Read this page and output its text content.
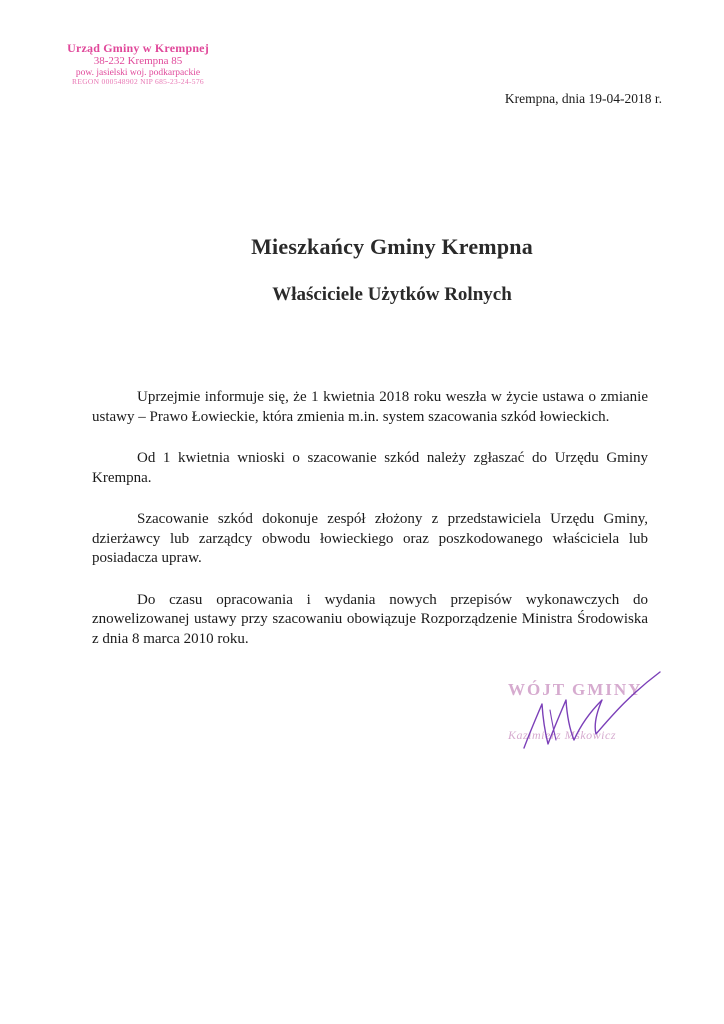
Urząd Gminy w Krempnej
38-232 Krempna 85
pow. jasielski woj. podkarpackie
REGON 000548902 NIP 685-23-24-576
Krempna, dnia 19-04-2018 r.
Mieszkańcy Gminy Krempna
Właściciele Użytków Rolnych

Uprzejmie informuje się, że 1 kwietnia 2018 roku weszła w życie ustawa o zmianie ustawy – Prawo Łowieckie, która zmienia m.in. system szacowania szkód łowieckich.

Od 1 kwietnia wnioski o szacowanie szkód należy zgłaszać do Urzędu Gminy Krempna.

Szacowanie szkód dokonuje zespół złożony z przedstawiciela Urzędu Gminy, dzierżawcy lub zarządcy obwodu łowieckiego oraz poszkodowanego właściciela lub posiadacza upraw.

Do czasu opracowania i wydania nowych przepisów wykonawczych do znowelizowanej ustawy przy szacowaniu obowiązuje Rozporządzenie Ministra Środowiska z dnia 8 marca 2010 roku.

WÓJT GMINY
Kazimierz Mśkowicz
